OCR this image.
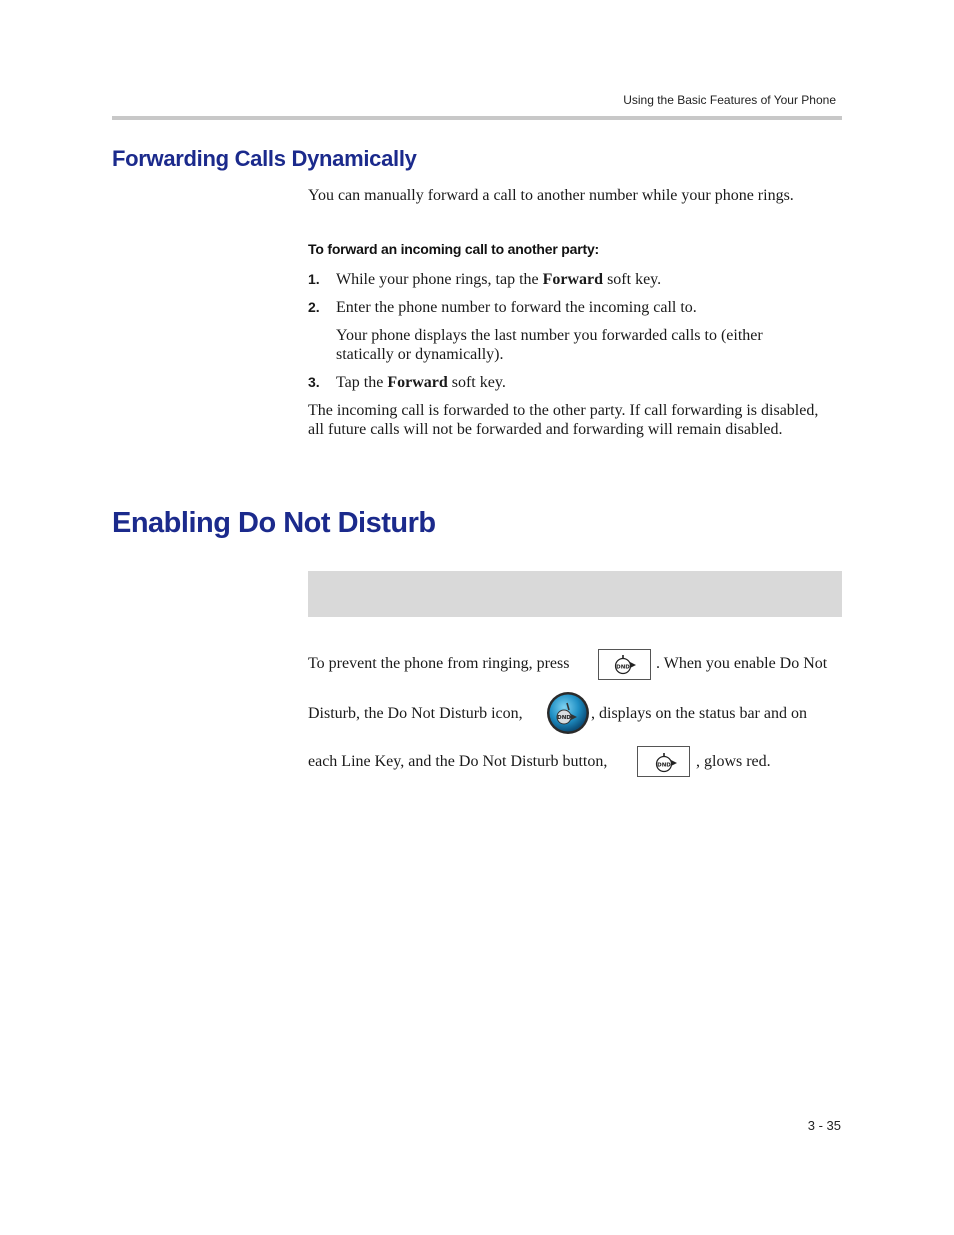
Using the Basic Features of Your Phone
Forwarding Calls Dynamically

You can manually forward a call to another number while your phone rings.

To forward an incoming call to another party:
1. While your phone rings, tap the Forward soft key.
2. Enter the phone number to forward the incoming call to.
Your phone displays the last number you forwarded calls to (either statically or dynamically).
3. Tap the Forward soft key.

The incoming call is forwarded to the other party. If call forwarding is disabled, all future calls will not be forwarded and forwarding will remain disabled.

Enabling Do Not Disturb
To prevent the phone from ringing, press	DND . When you enable Do Not
Disturb, the Do Not Disturb icon,	DND , displays on the status bar and on
each Line Key, and the Do Not Disturb button,	DND , glows red.
3 - 35
